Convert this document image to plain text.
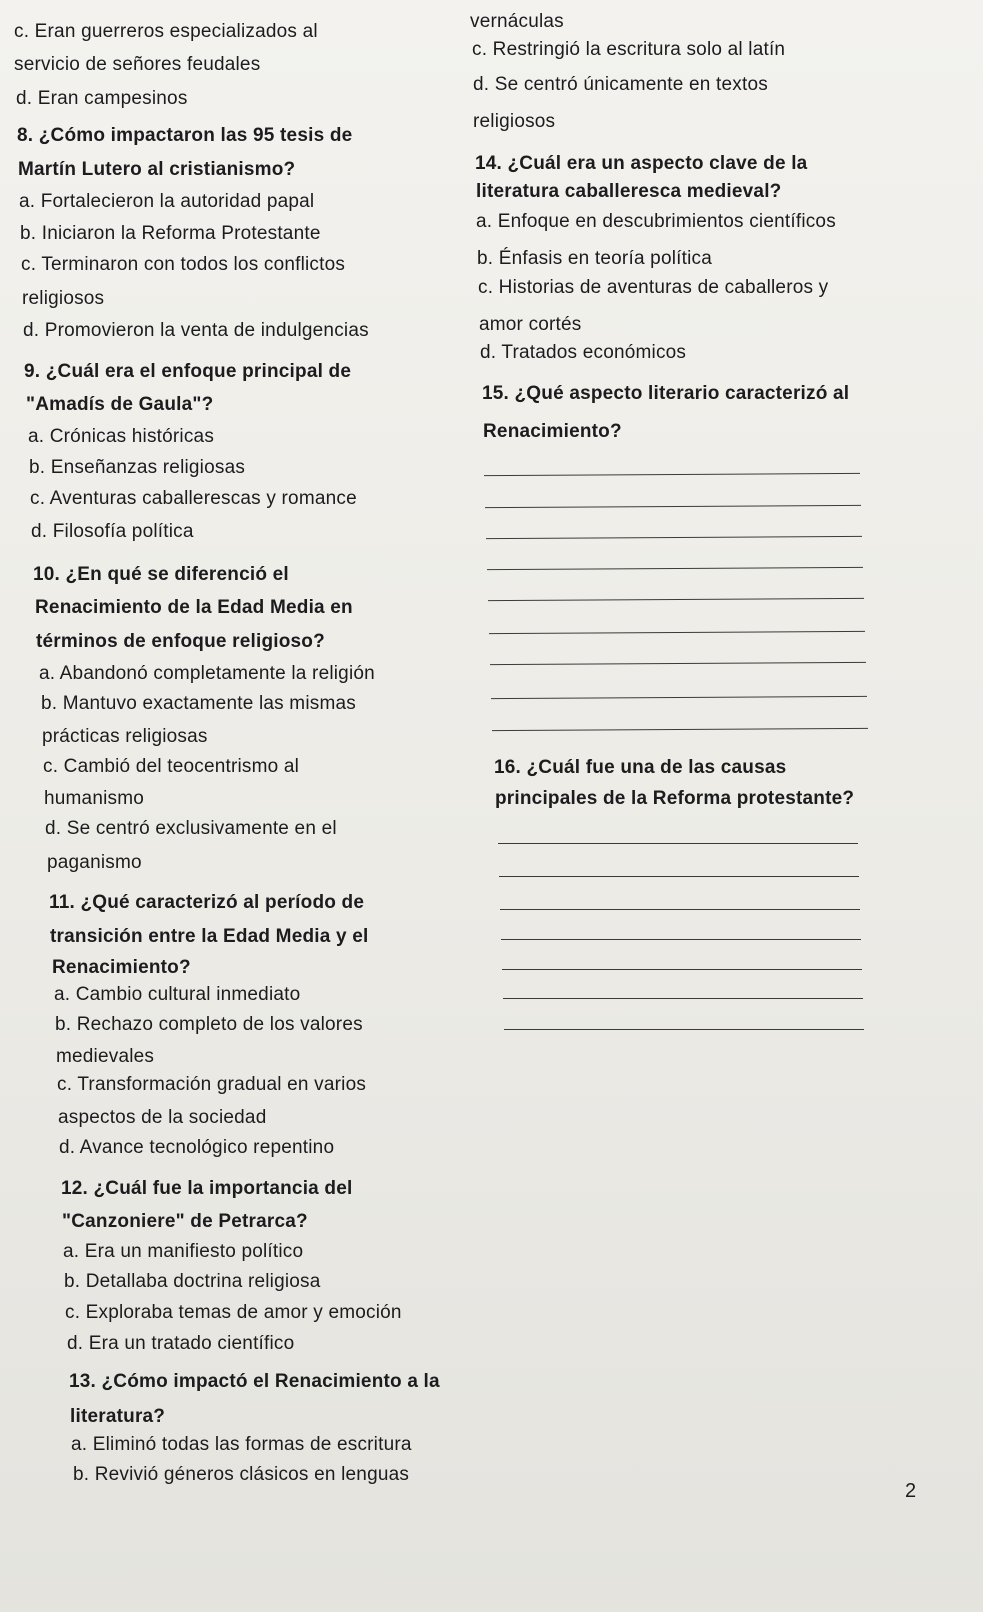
c. Eran guerreros especializados al
servicio de señores feudales
d. Eran campesinos
8. ¿Cómo impactaron las 95 tesis de
Martín Lutero al cristianismo?
a. Fortalecieron la autoridad papal
b. Iniciaron la Reforma Protestante
c. Terminaron con todos los conflictos
religiosos
d. Promovieron la venta de indulgencias
9. ¿Cuál era el enfoque principal de
"Amadís de Gaula"?
a. Crónicas históricas
b. Enseñanzas religiosas
c. Aventuras caballerescas y romance
d. Filosofía política
10. ¿En qué se diferenció el
Renacimiento de la Edad Media en
términos de enfoque religioso?
a. Abandonó completamente la religión
b. Mantuvo exactamente las mismas
prácticas religiosas
c. Cambió del teocentrismo al
humanismo
d. Se centró exclusivamente en el
paganismo
11. ¿Qué caracterizó al período de
transición entre la Edad Media y el
Renacimiento?
a. Cambio cultural inmediato
b. Rechazo completo de los valores
medievales
c. Transformación gradual en varios
aspectos de la sociedad
d. Avance tecnológico repentino
12. ¿Cuál fue la importancia del
"Canzoniere" de Petrarca?
a. Era un manifiesto político
b. Detallaba doctrina religiosa
c. Exploraba temas de amor y emoción
d. Era un tratado científico
13. ¿Cómo impactó el Renacimiento a la
literatura?
a. Eliminó todas las formas de escritura
b. Revivió géneros clásicos en lenguas
vernáculas
c. Restringió la escritura solo al latín
d. Se centró únicamente en textos
religiosos
14. ¿Cuál era un aspecto clave de la
literatura caballeresca medieval?
a. Enfoque en descubrimientos científicos
b. Énfasis en teoría política
c. Historias de aventuras de caballeros y
amor cortés
d. Tratados económicos
15. ¿Qué aspecto literario caracterizó al
Renacimiento?
16. ¿Cuál fue una de las causas
principales de la Reforma protestante?
2
